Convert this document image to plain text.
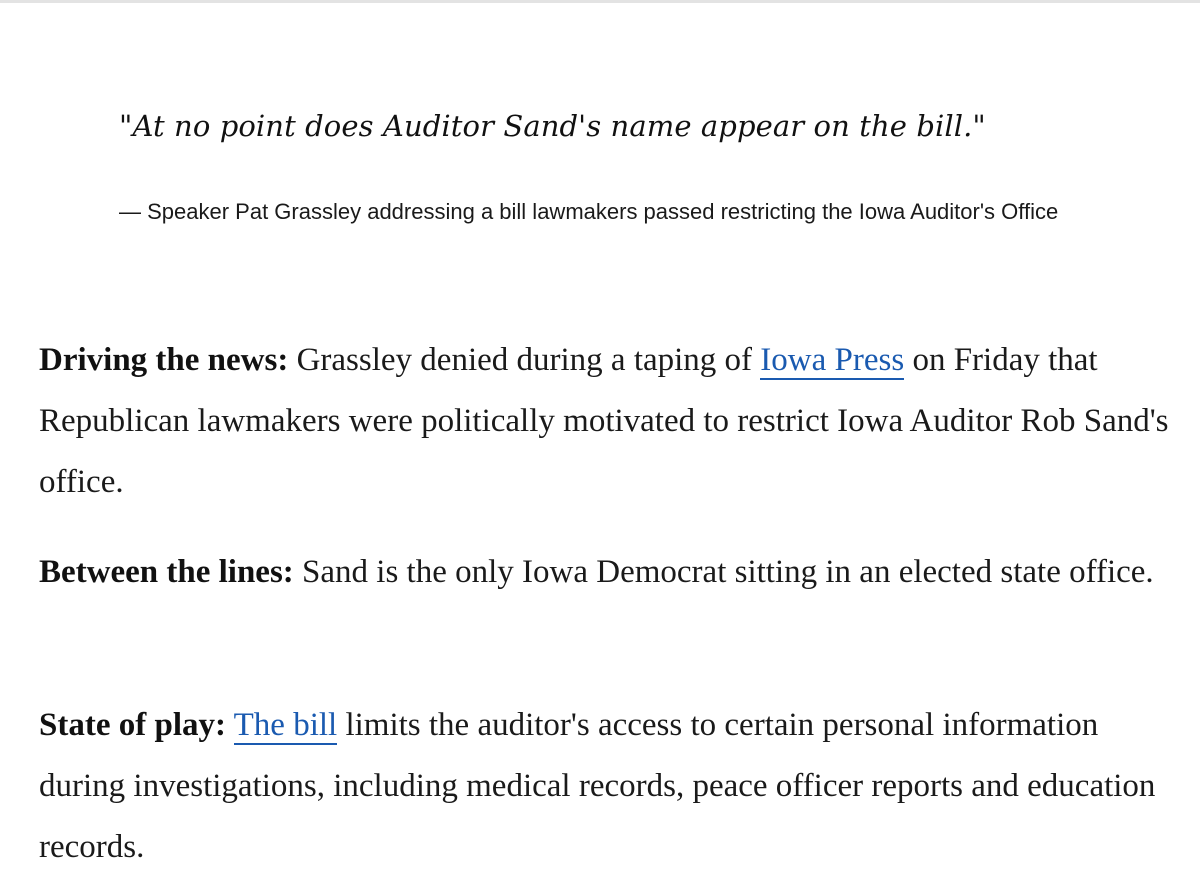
"At no point does Auditor Sand's name appear on the bill."

— Speaker Pat Grassley addressing a bill lawmakers passed restricting the Iowa Auditor's Office

Driving the news: Grassley denied during a taping of Iowa Press on Friday that Republican lawmakers were politically motivated to restrict Iowa Auditor Rob Sand's office.

Between the lines: Sand is the only Iowa Democrat sitting in an elected state office.

State of play: The bill limits the auditor's access to certain personal information during investigations, including medical records, peace officer reports and education records.
